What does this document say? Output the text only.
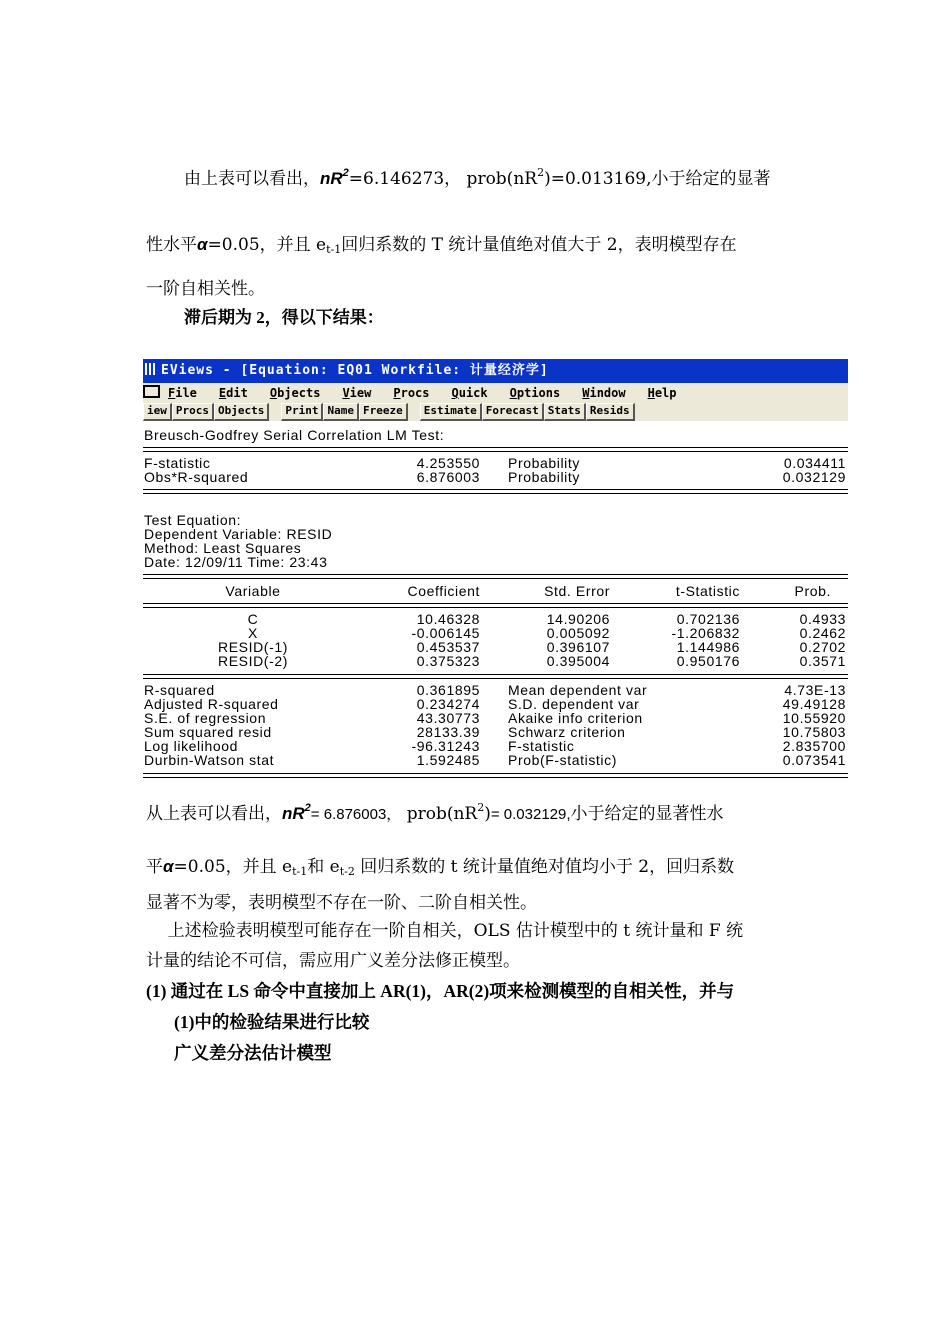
由上表可以看出，$nR^2=6.146273$， $prob(nR^2)=0.013169$,小于给定的显著
性水平α=0.05，并且 $e_{t-1}$回归系数的 T 统计量值绝对值大于 2，表明模型存在
一阶自相关性。
滞后期为 2，得以下结果：
EViews - [Equation: EQ01 Workfile: 计量经济学]
File Edit Objects View Procs Quick Options Window Help
iew Procs Objects	Print Name Freeze	Estimate Forecast Stats Resids
Breusch-Godfrey Serial Correlation LM Test:
F-statistic	4.253550 Probability	0.034411
Obs*R-squared	6.876003 Probability	0.032129
Test Equation:
Dependent Variable: RESID
Method: Least Squares
Date: 12/09/11 Time: 23:43
Variable	Coefficient	Std. Error	t-Statistic	Prob.
C	10.46328	14.90206	0.702136	0.4933
X	-0.006145	0.005092	-1.206832	0.2462
RESID(-1)	0.453537	0.396107	1.144986	0.2702
RESID(-2)	0.375323	0.395004	0.950176	0.3571
R-squared	0.361895 Mean dependent var	4.73E-13
Adjusted R-squared	0.234274 S.D. dependent var	49.49128
S.E. of regression	43.30773 Akaike info criterion	10.55920
Sum squared resid	28133.39 Schwarz criterion	10.75803
Log likelihood	-96.31243 F-statistic	2.835700
Durbin-Watson stat	1.592485 Prob(F-statistic)	0.073541
从上表可以看出，$nR^2= 6.876003$， $prob(nR^2)= 0.032129$,小于给定的显著性水
平α=0.05，并且 $e_{t-1}$和 $e_{t-2}$ 回归系数的 t 统计量值绝对值均小于 2，回归系数
显著不为零，表明模型不存在一阶、二阶自相关性。
上述检验表明模型可能存在一阶自相关，OLS 估计模型中的 t 统计量和 F 统
计量的结论不可信，需应用广义差分法修正模型。
(1) 通过在 LS 命令中直接加上 AR(1)，AR(2)项来检测模型的自相关性，并与
(1)中的检验结果进行比较
广义差分法估计模型
